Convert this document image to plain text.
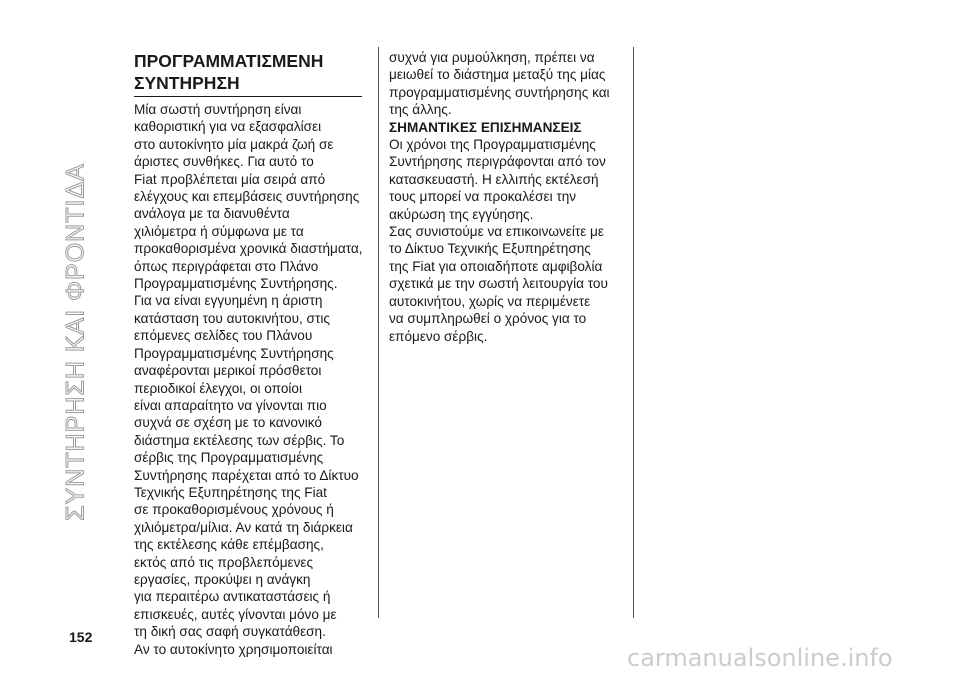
ΣΥΝΤΗΡΗΣΗ ΚΑΙ ΦΡΟΝΤΙΔΑ
ΠΡΟΓΡΑΜΜΑΤΙΣΜΕΝΗ
ΣΥΝΤΗΡΗΣΗ
Μία σωστή συντήρηση είναι
καθοριστική για να εξασφαλίσει
στο αυτοκίνητο μία μακρά ζωή σε
άριστες συνθήκες. Για αυτό το
Fiat προβλέπεται μία σειρά από
ελέγχους και επεμβάσεις συντήρησης
ανάλογα με τα διανυθέντα
χιλιόμετρα ή σύμφωνα με τα
προκαθορισμένα χρονικά διαστήματα,
όπως περιγράφεται στο Πλάνο
Προγραμματισμένης Συντήρησης.
Για να είναι εγγυημένη η άριστη
κατάσταση του αυτοκινήτου, στις
επόμενες σελίδες του Πλάνου
Προγραμματισμένης Συντήρησης
αναφέρονται μερικοί πρόσθετοι
περιοδικοί έλεγχοι, οι οποίοι
είναι απαραίτητο να γίνονται πιο
συχνά σε σχέση με το κανονικό
διάστημα εκτέλεσης των σέρβις. Το
σέρβις της Προγραμματισμένης
Συντήρησης παρέχεται από το Δίκτυο
Τεχνικής Εξυπηρέτησης της Fiat
σε προκαθορισμένους χρόνους ή
χιλιόμετρα/μίλια. Αν κατά τη διάρκεια
της εκτέλεσης κάθε επέμβασης,
εκτός από τις προβλεπόμενες
εργασίες, προκύψει η ανάγκη
για περαιτέρω αντικαταστάσεις ή
επισκευές, αυτές γίνονται μόνο με
τη δική σας σαφή συγκατάθεση.
Αν το αυτοκίνητο χρησιμοποιείται
συχνά για ρυμούλκηση, πρέπει να
μειωθεί το διάστημα μεταξύ της μίας
προγραμματισμένης συντήρησης και
της άλλης.
ΣΗΜΑΝΤΙΚΕΣ ΕΠΙΣΗΜΑΝΣΕΙΣ
Οι χρόνοι της Προγραμματισμένης
Συντήρησης περιγράφονται από τον
κατασκευαστή. Η ελλιπής εκτέλεσή
τους μπορεί να προκαλέσει την
ακύρωση της εγγύησης.
Σας συνιστούμε να επικοινωνείτε με
το Δίκτυο Τεχνικής Εξυπηρέτησης
της Fiat για οποιαδήποτε αμφιβολία
σχετικά με την σωστή λειτουργία του
αυτοκινήτου, χωρίς να περιμένετε
να συμπληρωθεί ο χρόνος για το
επόμενο σέρβις.
152
carmanualsonline.info
